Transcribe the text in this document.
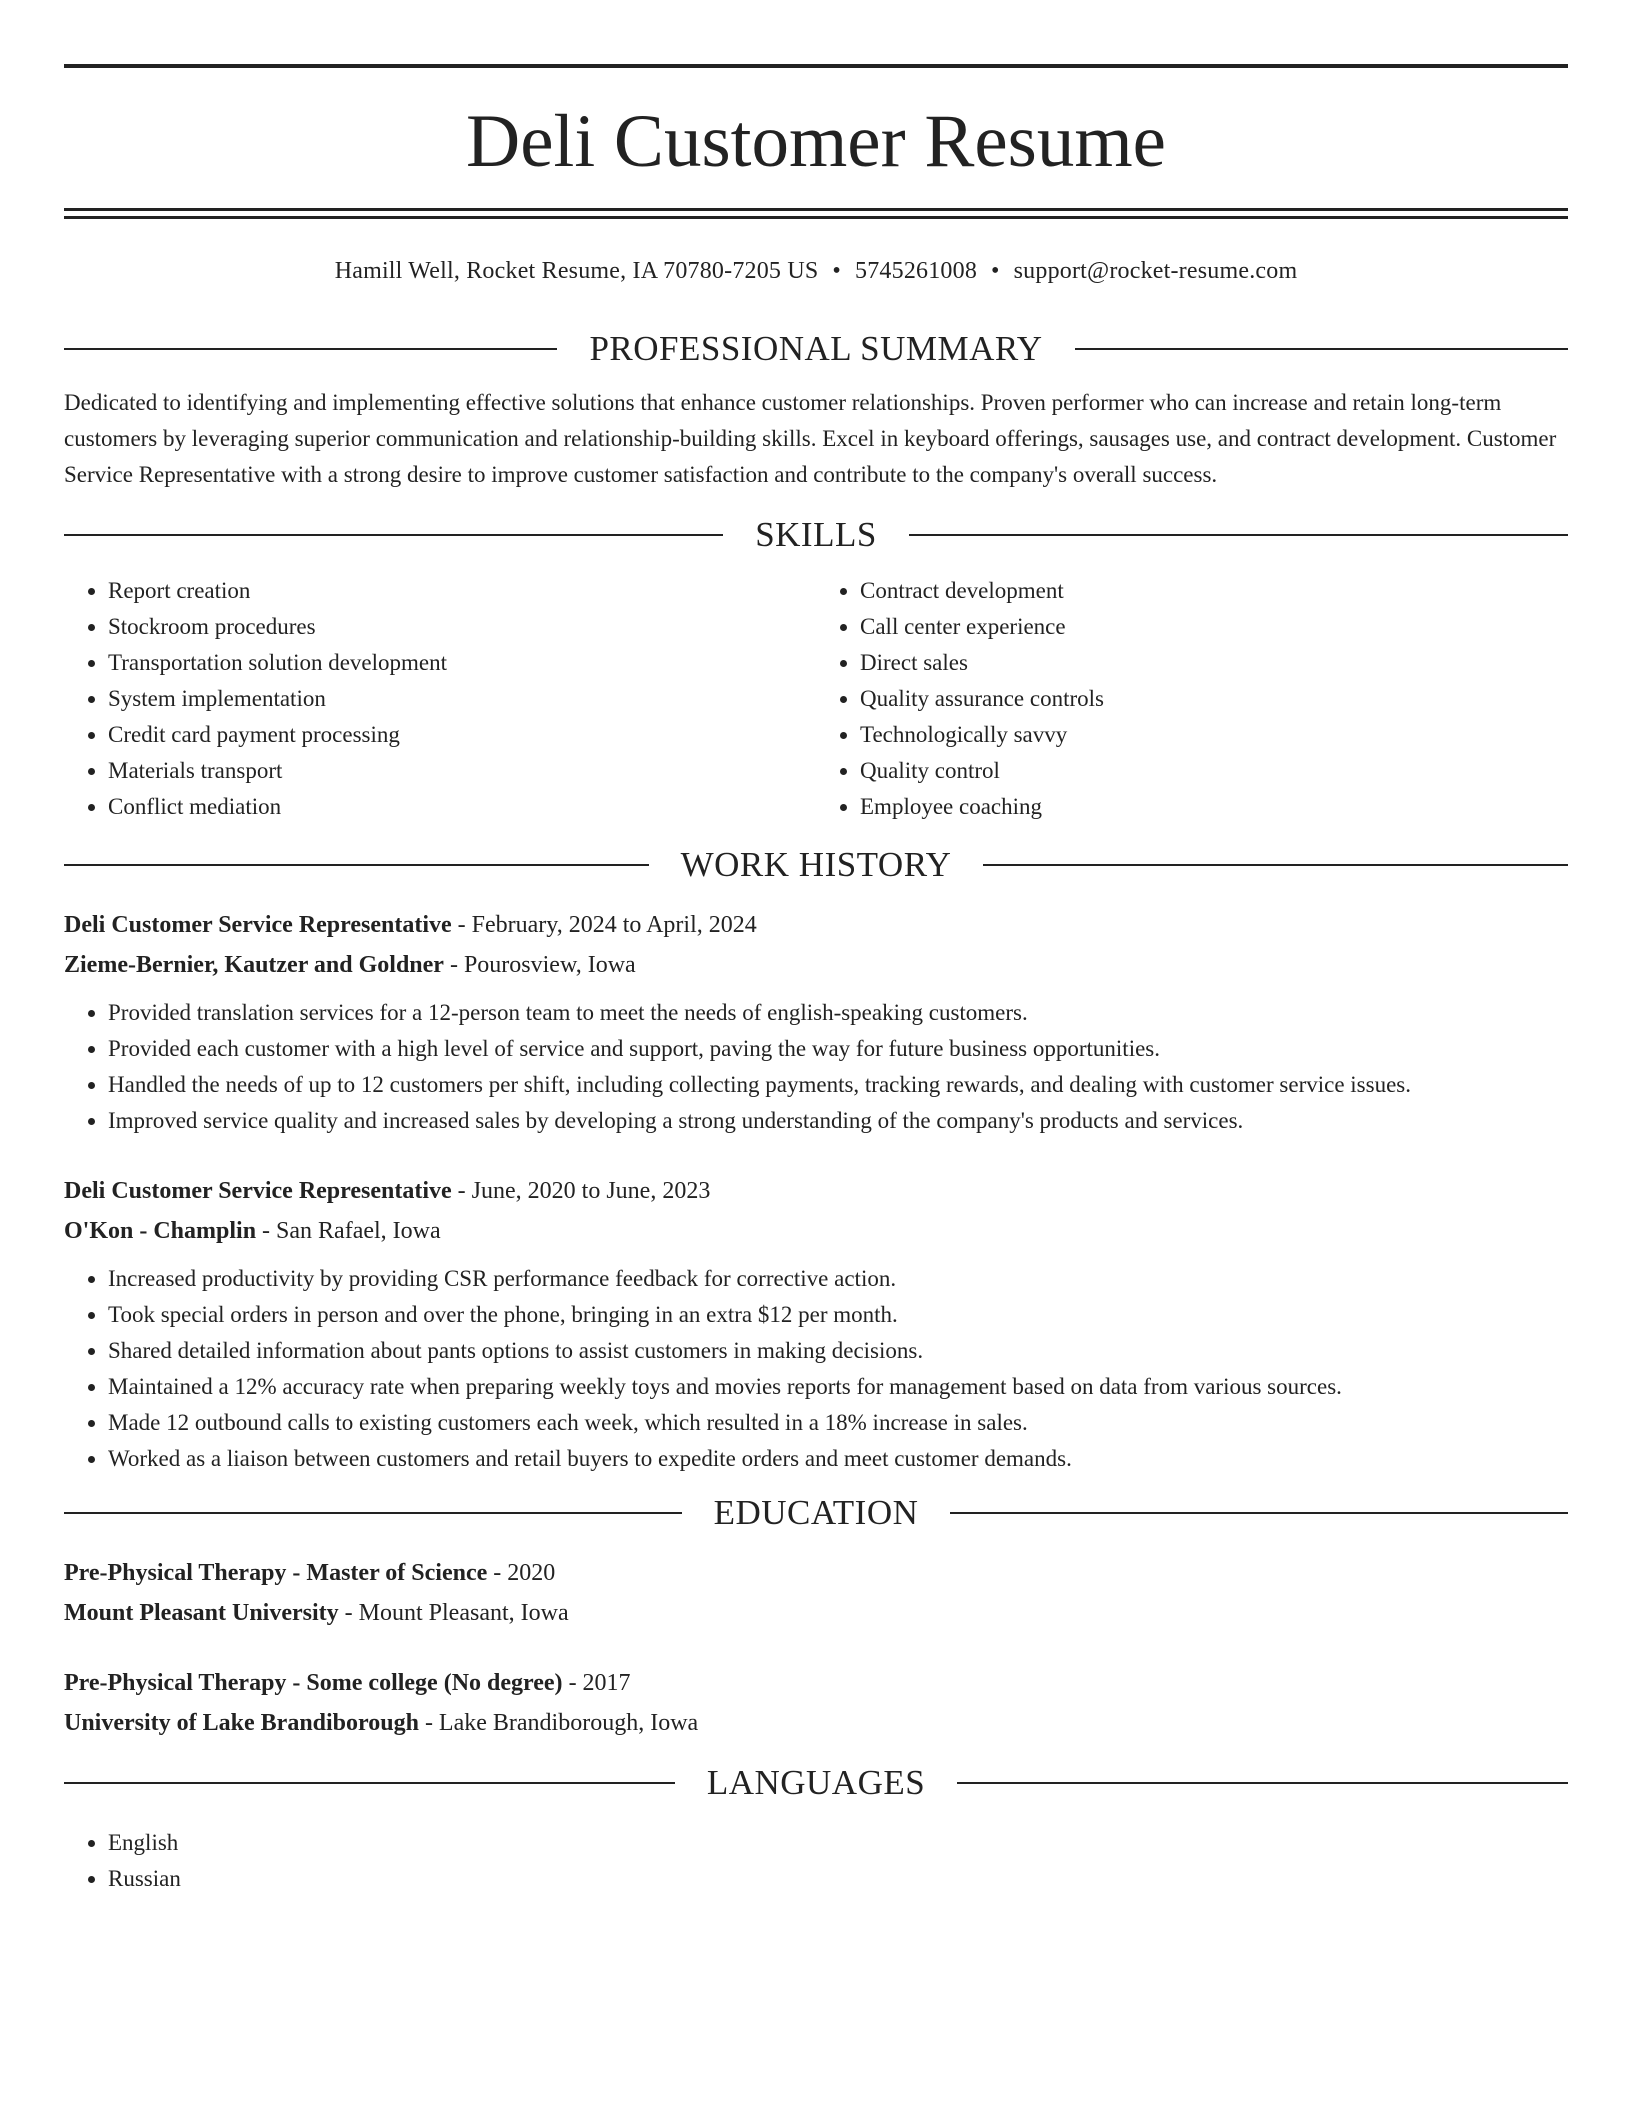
Deli Customer Resume
Hamill Well, Rocket Resume, IA 70780-7205 US • 5745261008 • support@rocket-resume.com
PROFESSIONAL SUMMARY
Dedicated to identifying and implementing effective solutions that enhance customer relationships. Proven performer who can increase and retain long-term customers by leveraging superior communication and relationship-building skills. Excel in keyboard offerings, sausages use, and contract development. Customer Service Representative with a strong desire to improve customer satisfaction and contribute to the company's overall success.
SKILLS
• Report creation
• Stockroom procedures
• Transportation solution development
• System implementation
• Credit card payment processing
• Materials transport
• Conflict mediation
• Contract development
• Call center experience
• Direct sales
• Quality assurance controls
• Technologically savvy
• Quality control
• Employee coaching
WORK HISTORY
Deli Customer Service Representative - February, 2024 to April, 2024
Zieme-Bernier, Kautzer and Goldner - Pourosview, Iowa
• Provided translation services for a 12-person team to meet the needs of english-speaking customers.
• Provided each customer with a high level of service and support, paving the way for future business opportunities.
• Handled the needs of up to 12 customers per shift, including collecting payments, tracking rewards, and dealing with customer service issues.
• Improved service quality and increased sales by developing a strong understanding of the company's products and services.
Deli Customer Service Representative - June, 2020 to June, 2023
O'Kon - Champlin - San Rafael, Iowa
• Increased productivity by providing CSR performance feedback for corrective action.
• Took special orders in person and over the phone, bringing in an extra $12 per month.
• Shared detailed information about pants options to assist customers in making decisions.
• Maintained a 12% accuracy rate when preparing weekly toys and movies reports for management based on data from various sources.
• Made 12 outbound calls to existing customers each week, which resulted in a 18% increase in sales.
• Worked as a liaison between customers and retail buyers to expedite orders and meet customer demands.
EDUCATION
Pre-Physical Therapy - Master of Science - 2020
Mount Pleasant University - Mount Pleasant, Iowa
Pre-Physical Therapy - Some college (No degree) - 2017
University of Lake Brandiborough - Lake Brandiborough, Iowa
LANGUAGES
• English
• Russian
